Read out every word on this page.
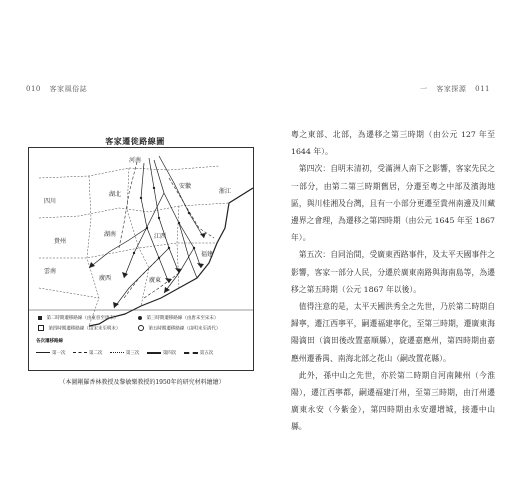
010 客家風俗誌	一 客家探源 011
客家遷徙路線圖
河南
湖北
安徽
江西
湖南
浙江
福建
廣東
廣西
四川
貴州
雲南
第二時期遷移路線（由東晉至唐末）	第三時期遷移路線（由唐末至宋末）
第四時期遷移路線（由宋末至明末）	第五時期遷移路線（由明末至清代）
各次遷移路線
第一次	第二次	第三次	第四次	第五次
（本圖剛羅香林教授及黎敏樂教授的1950年的研究材料繪繪）

粵之東部、北部，為遷移之第三時期（由公元 127 年至 1644 年）。

第四次：自明末清初，受滿洲人南下之影響，客家先民之一部分，由第二第三時期舊居，分遷至粵之中部及濱海地區，與川桂湘及台灣，且有一小部分更遷至貴州南邊及川藏邊界之會理，為遷移之第四時期（由公元 1645 年至 1867 年）。

第五次：自同治間，受廣東西路事件，及太平天國事件之影響，客家一部分人民，分遷於廣東南路與海南島等，為遷移之第五時期（公元 1867 年以後）。

值得注意的是，太平天國洪秀全之先世，乃於第二時期自歸寧，遷江西寧平，嗣遷福建寧化，至第三時期，遷廣東海陽滴田（滴田後改置嘉順縣），旋遷嘉應州，第四時期由嘉應州遷番禺、南海北部之花山（嗣改置花縣）。

此外，孫中山之先世，亦於第二時期自河南陳州（今淮陽），遷江西寧都，嗣遷福建汀州，至第三時期，由汀州遷廣東永安（今紫金），第四時期由永安遷增城，接遷中山縣。
